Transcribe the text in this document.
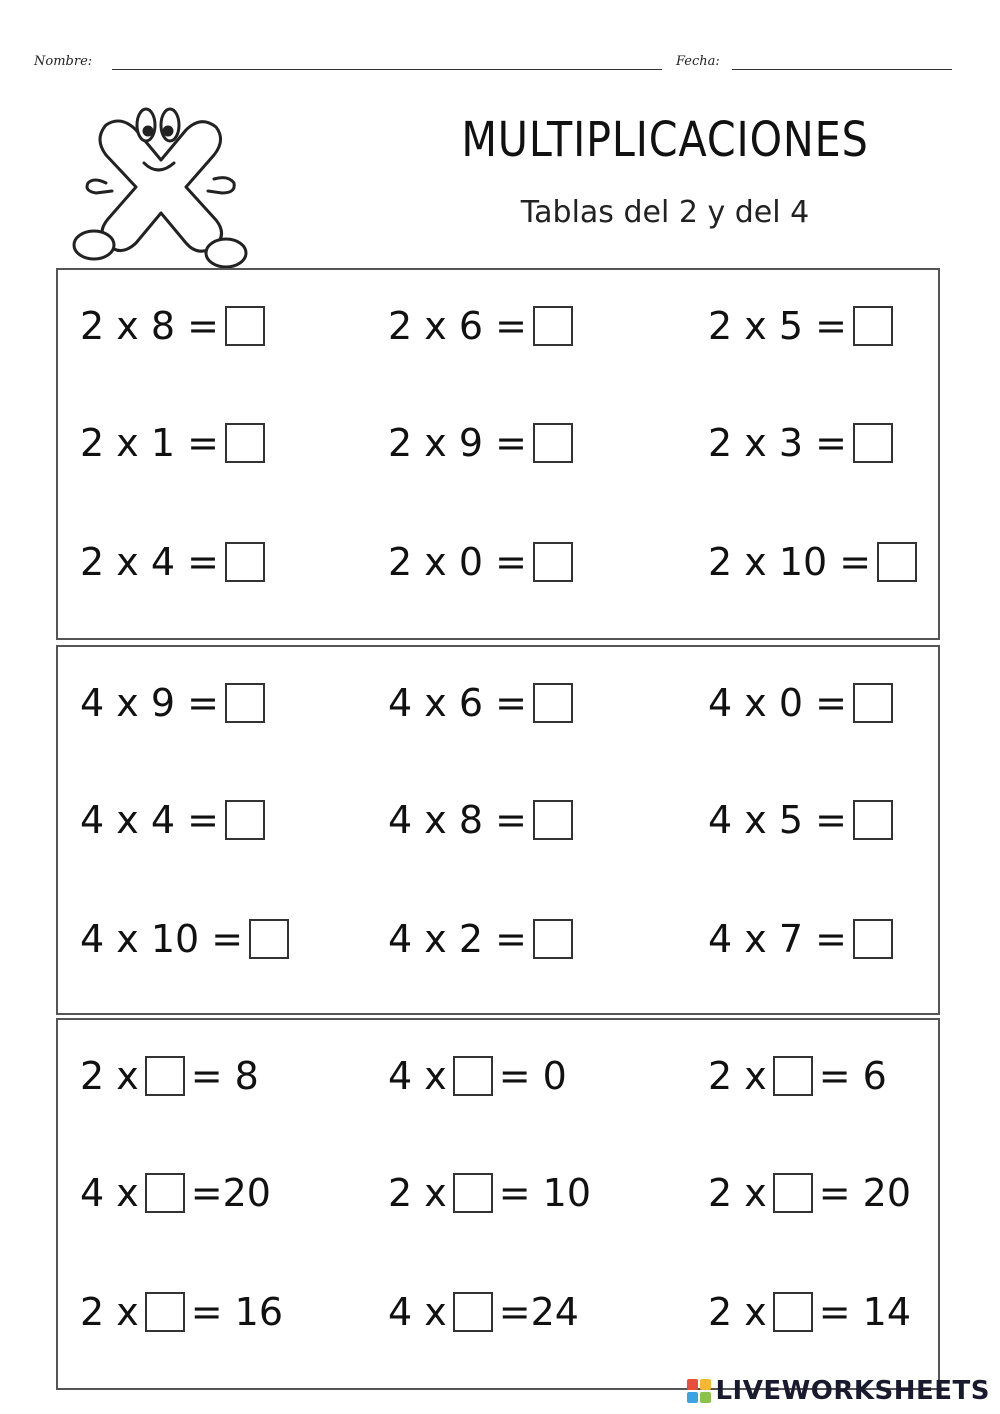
Nombre:	Fecha:
MULTIPLICACIONES
Tablas del 2 y del 4
2 x 8 =	2 x 6 =	2 x 5 =
2 x 1 =	2 x 9 =	2 x 3 =
2 x 4 =	2 x 0 =	2 x 10 =
4 x 9 =	4 x 6 =	4 x 0 =
4 x 4 =	4 x 8 =	4 x 5 =
4 x 10 =	4 x 2 =	4 x 7 =
2 x = 8	4 x = 0	2 x = 6
4 x =20	2 x = 10	2 x = 20
2 x = 16	4 x =24	2 x = 14
LIVEWORKSHEETS
